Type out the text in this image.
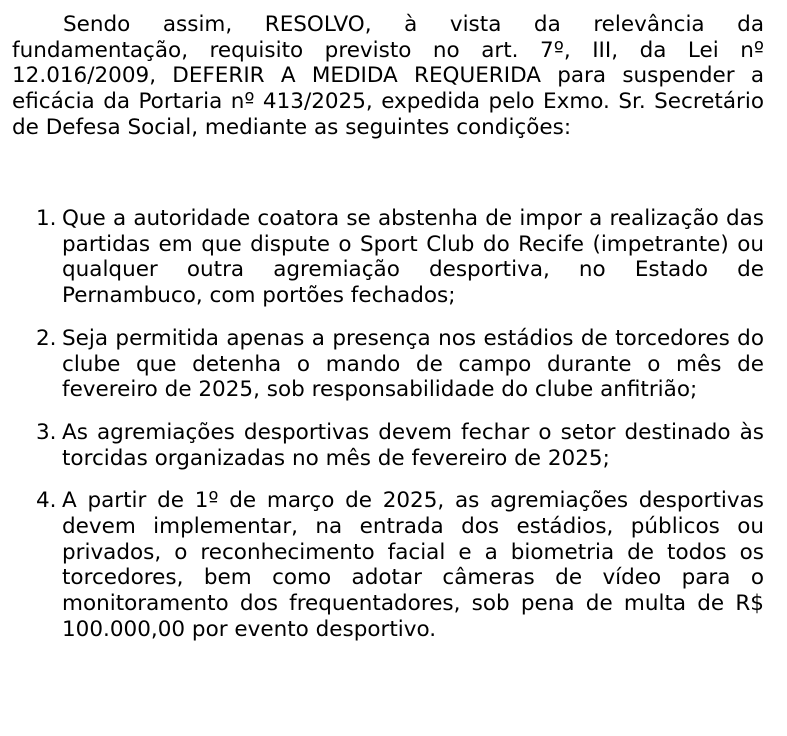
Sendo assim, RESOLVO, à vista da relevância da fundamentação, requisito previsto no art. 7º, III, da Lei nº 12.016/2009, DEFERIR A MEDIDA REQUERIDA para suspender a eficácia da Portaria nº 413/2025, expedida pelo Exmo. Sr. Secretário de Defesa Social, mediante as seguintes condições:

1. Que a autoridade coatora se abstenha de impor a realização das partidas em que dispute o Sport Club do Recife (impetrante) ou qualquer outra agremiação desportiva, no Estado de Pernambuco, com portões fechados;
2. Seja permitida apenas a presença nos estádios de torcedores do clube que detenha o mando de campo durante o mês de fevereiro de 2025, sob responsabilidade do clube anfitrião;
3. As agremiações desportivas devem fechar o setor destinado às torcidas organizadas no mês de fevereiro de 2025;
4. A partir de 1º de março de 2025, as agremiações desportivas devem implementar, na entrada dos estádios, públicos ou privados, o reconhecimento facial e a biometria de todos os torcedores, bem como adotar câmeras de vídeo para o monitoramento dos frequentadores, sob pena de multa de R$ 100.000,00 por evento desportivo.
